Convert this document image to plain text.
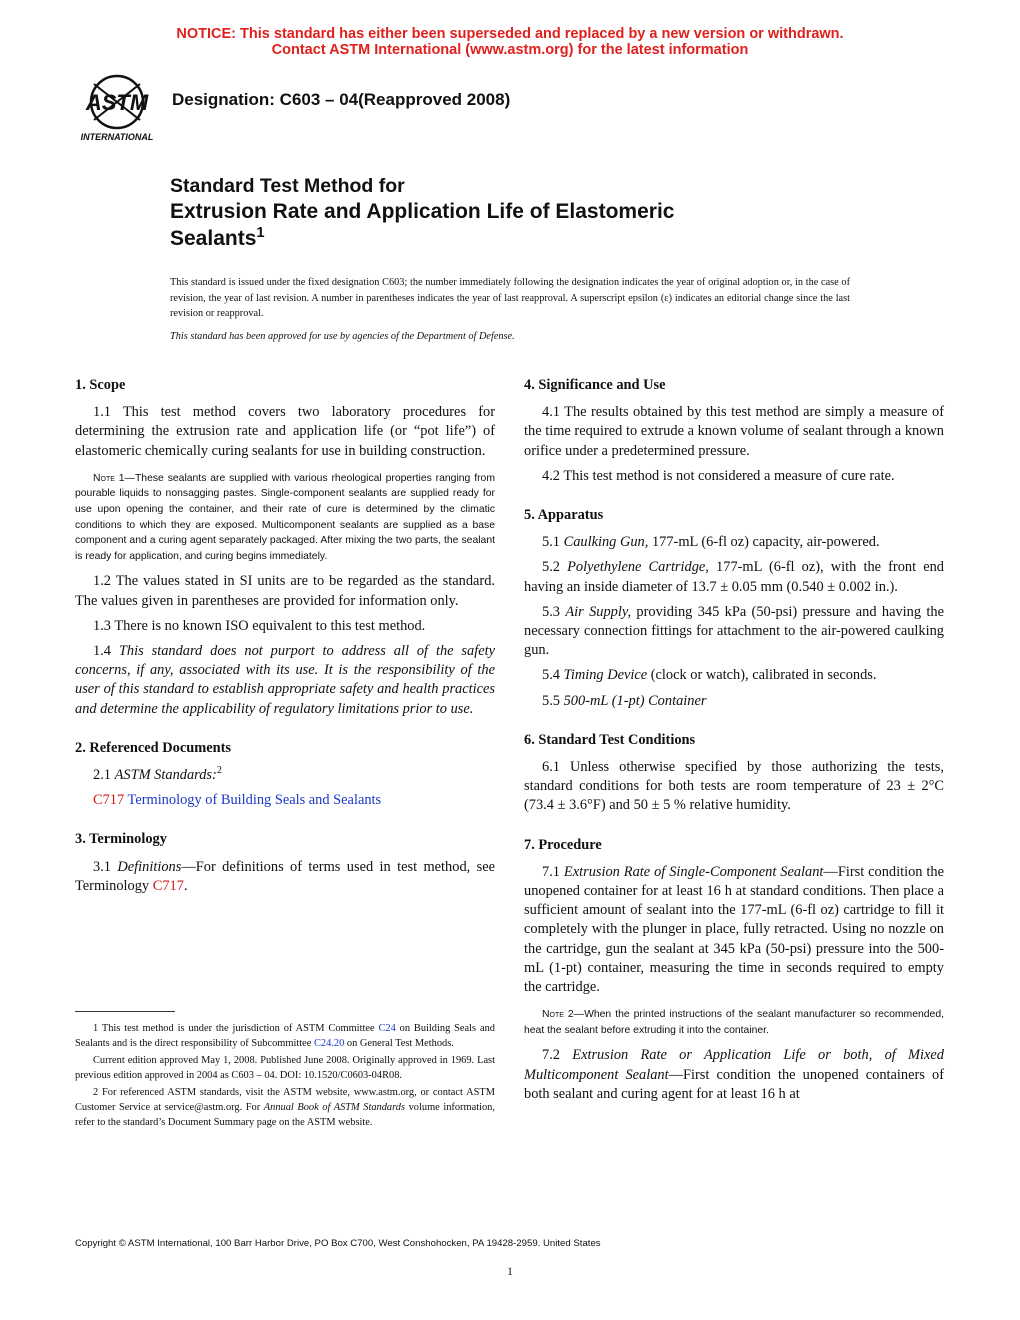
NOTICE: This standard has either been superseded and replaced by a new version or withdrawn.
Contact ASTM International (www.astm.org) for the latest information
ASTM
INTERNATIONAL
Designation: C603 – 04(Reapproved 2008)
Standard Test Method for
Extrusion Rate and Application Life of Elastomeric
Sealants$^1$
This standard is issued under the fixed designation C603; the number immediately following the designation indicates the year of original adoption or, in the case of revision, the year of last revision. A number in parentheses indicates the year of last reapproval. A superscript epsilon (ε) indicates an editorial change since the last revision or reapproval.
This standard has been approved for use by agencies of the Department of Defense.
1. Scope

1.1 This test method covers two laboratory procedures for determining the extrusion rate and application life (or “pot life”) of elastomeric chemically curing sealants for use in building construction.

Note 1—These sealants are supplied with various rheological properties ranging from pourable liquids to nonsagging pastes. Single-component sealants are supplied ready for use upon opening the container, and their rate of cure is determined by the climatic conditions to which they are exposed. Multicomponent sealants are supplied as a base component and a curing agent separately packaged. After mixing the two parts, the sealant is ready for application, and curing begins immediately.

1.2 The values stated in SI units are to be regarded as the standard. The values given in parentheses are provided for information only.

1.3 There is no known ISO equivalent to this test method.

1.4 This standard does not purport to address all of the safety concerns, if any, associated with its use. It is the responsibility of the user of this standard to establish appropriate safety and health practices and determine the applicability of regulatory limitations prior to use.

2. Referenced Documents

2.1 ASTM Standards:$^2$

C717 Terminology of Building Seals and Sealants

3. Terminology

3.1 Definitions—For definitions of terms used in test method, see Terminology C717.

1 This test method is under the jurisdiction of ASTM Committee C24 on Building Seals and Sealants and is the direct responsibility of Subcommittee C24.20 on General Test Methods.

Current edition approved May 1, 2008. Published June 2008. Originally approved in 1969. Last previous edition approved in 2004 as C603 – 04. DOI: 10.1520/C0603-04R08.

2 For referenced ASTM standards, visit the ASTM website, www.astm.org, or contact ASTM Customer Service at service@astm.org. For Annual Book of ASTM Standards volume information, refer to the standard’s Document Summary page on the ASTM website.

4. Significance and Use

4.1 The results obtained by this test method are simply a measure of the time required to extrude a known volume of sealant through a known orifice under a predetermined pressure.

4.2 This test method is not considered a measure of cure rate.

5. Apparatus

5.1 Caulking Gun, 177-mL (6-fl oz) capacity, air-powered.

5.2 Polyethylene Cartridge, 177-mL (6-fl oz), with the front end having an inside diameter of 13.7 ± 0.05 mm (0.540 ± 0.002 in.).

5.3 Air Supply, providing 345 kPa (50-psi) pressure and having the necessary connection fittings for attachment to the air-powered caulking gun.

5.4 Timing Device (clock or watch), calibrated in seconds.

5.5 500-mL (1-pt) Container

6. Standard Test Conditions

6.1 Unless otherwise specified by those authorizing the tests, standard conditions for both tests are room temperature of 23 ± 2°C (73.4 ± 3.6°F) and 50 ± 5 % relative humidity.

7. Procedure

7.1 Extrusion Rate of Single-Component Sealant—First condition the unopened container for at least 16 h at standard conditions. Then place a sufficient amount of sealant into the 177-mL (6-fl oz) cartridge to fill it completely with the plunger in place, fully retracted. Using no nozzle on the cartridge, gun the sealant at 345 kPa (50-psi) pressure into the 500-mL (1-pt) container, measuring the time in seconds required to empty the cartridge.

Note 2—When the printed instructions of the sealant manufacturer so recommended, heat the sealant before extruding it into the container.

7.2 Extrusion Rate or Application Life or both, of Mixed Multicomponent Sealant—First condition the unopened containers of both sealant and curing agent for at least 16 h at

Copyright © ASTM International, 100 Barr Harbor Drive, PO Box C700, West Conshohocken, PA 19428-2959. United States
1
